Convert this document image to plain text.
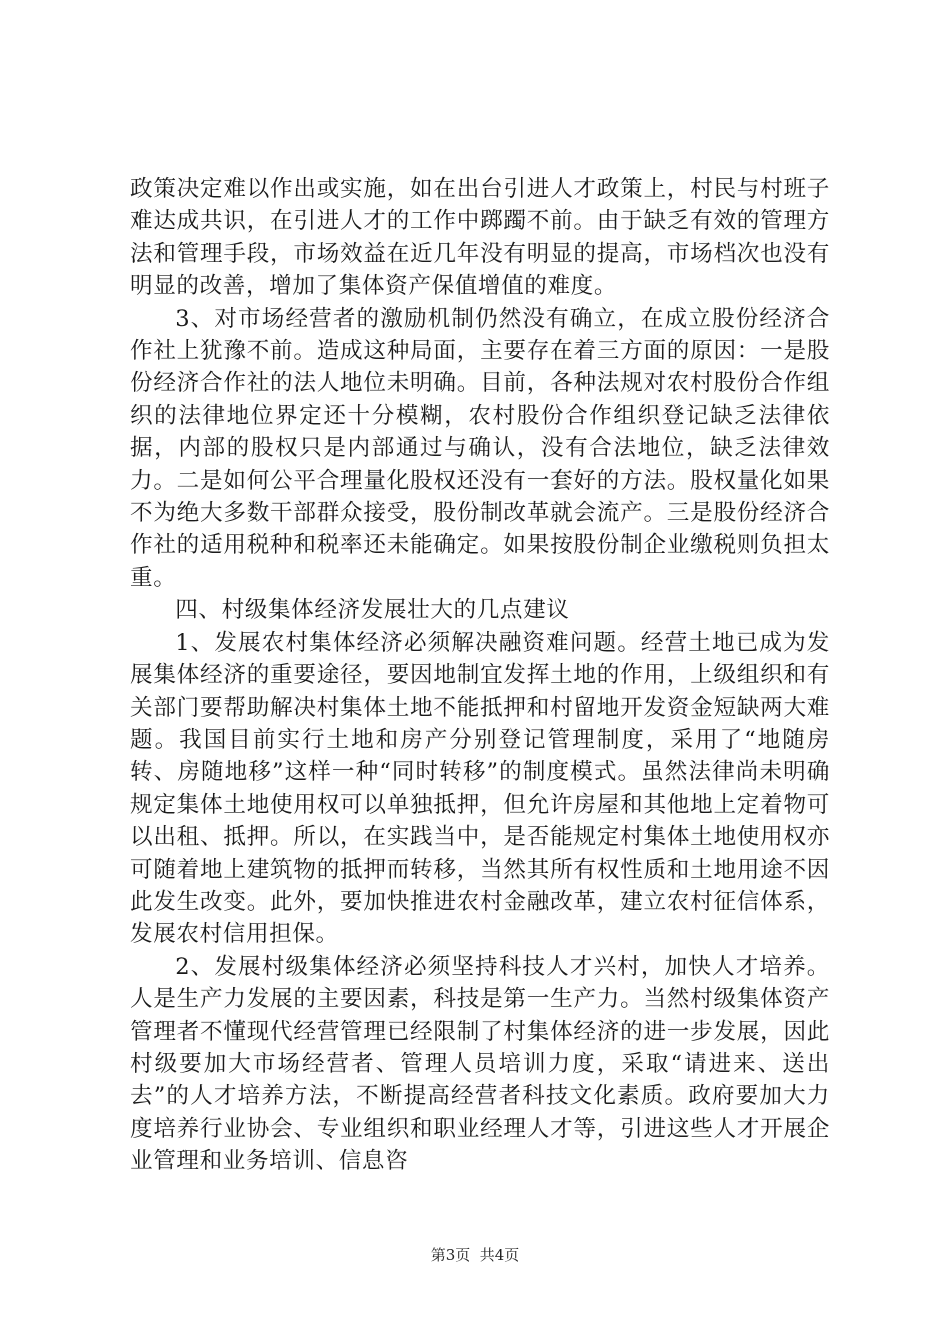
政策决定难以作出或实施，如在出台引进人才政策上，村民与村班子难达成共识，在引进人才的工作中踯躅不前。由于缺乏有效的管理方法和管理手段，市场效益在近几年没有明显的提高，市场档次也没有明显的改善，增加了集体资产保值增值的难度。

3、对市场经营者的激励机制仍然没有确立，在成立股份经济合作社上犹豫不前。造成这种局面，主要存在着三方面的原因：一是股份经济合作社的法人地位未明确。目前，各种法规对农村股份合作组织的法律地位界定还十分模糊，农村股份合作组织登记缺乏法律依据，内部的股权只是内部通过与确认，没有合法地位，缺乏法律效力。二是如何公平合理量化股权还没有一套好的方法。股权量化如果不为绝大多数干部群众接受，股份制改革就会流产。三是股份经济合作社的适用税种和税率还未能确定。如果按股份制企业缴税则负担太重。

四、村级集体经济发展壮大的几点建议

1、发展农村集体经济必须解决融资难问题。经营土地已成为发展集体经济的重要途径，要因地制宜发挥土地的作用，上级组织和有关部门要帮助解决村集体土地不能抵押和村留地开发资金短缺两大难题。我国目前实行土地和房产分别登记管理制度，采用了“地随房转、房随地移”这样一种“同时转移”的制度模式。虽然法律尚未明确规定集体土地使用权可以单独抵押，但允许房屋和其他地上定着物可以出租、抵押。所以，在实践当中，是否能规定村集体土地使用权亦可随着地上建筑物的抵押而转移，当然其所有权性质和土地用途不因此发生改变。此外，要加快推进农村金融改革，建立农村征信体系，发展农村信用担保。

2、发展村级集体经济必须坚持科技人才兴村，加快人才培养。人是生产力发展的主要因素，科技是第一生产力。当然村级集体资产管理者不懂现代经营管理已经限制了村集体经济的进一步发展，因此村级要加大市场经营者、管理人员培训力度，采取“请进来、送出去”的人才培养方法，不断提高经营者科技文化素质。政府要加大力度培养行业协会、专业组织和职业经理人才等，引进这些人才开展企业管理和业务培训、信息咨

第3页  共4页
